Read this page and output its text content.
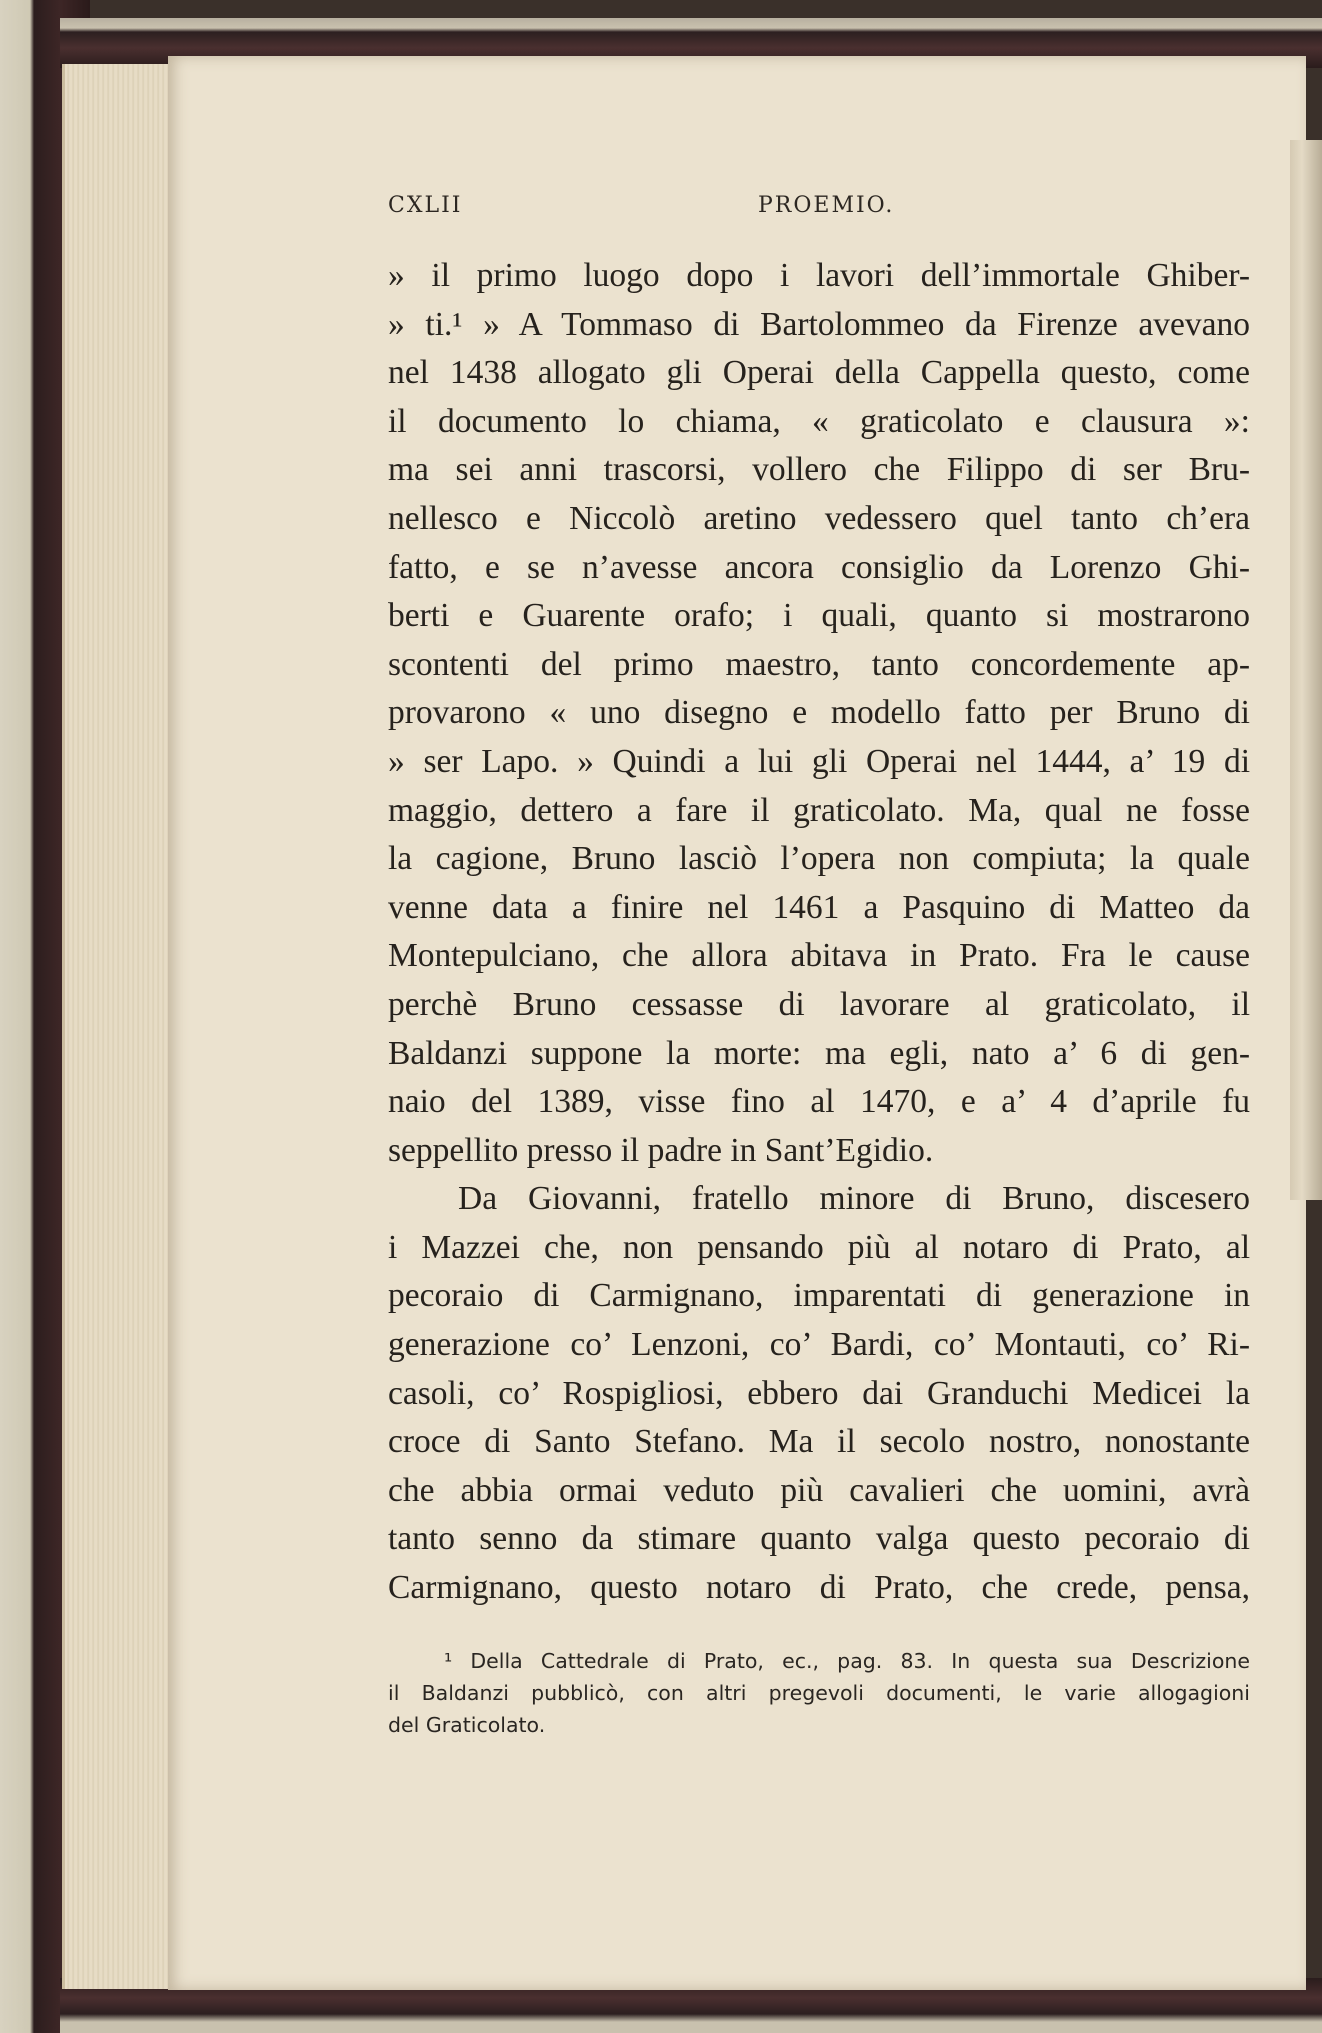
CXLII	PROEMIO.
» il primo luogo dopo i lavori dell’immortale Ghiber-
» ti.¹ » A Tommaso di Bartolommeo da Firenze avevano
nel 1438 allogato gli Operai della Cappella questo, come
il documento lo chiama, « graticolato e clausura »:
ma sei anni trascorsi, vollero che Filippo di ser Bru-
nellesco e Niccolò aretino vedessero quel tanto ch’era
fatto, e se n’avesse ancora consiglio da Lorenzo Ghi-
berti e Guarente orafo; i quali, quanto si mostrarono
scontenti del primo maestro, tanto concordemente ap-
provarono « uno disegno e modello fatto per Bruno di
» ser Lapo. » Quindi a lui gli Operai nel 1444, a’ 19 di
maggio, dettero a fare il graticolato. Ma, qual ne fosse
la cagione, Bruno lasciò l’opera non compiuta; la quale
venne data a finire nel 1461 a Pasquino di Matteo da
Montepulciano, che allora abitava in Prato. Fra le cause
perchè Bruno cessasse di lavorare al graticolato, il
Baldanzi suppone la morte: ma egli, nato a’ 6 di gen-
naio del 1389, visse fino al 1470, e a’ 4 d’aprile fu
seppellito presso il padre in Sant’Egidio.
Da Giovanni, fratello minore di Bruno, discesero
i Mazzei che, non pensando più al notaro di Prato, al
pecoraio di Carmignano, imparentati di generazione in
generazione co’ Lenzoni, co’ Bardi, co’ Montauti, co’ Ri-
casoli, co’ Rospigliosi, ebbero dai Granduchi Medicei la
croce di Santo Stefano. Ma il secolo nostro, nonostante
che abbia ormai veduto più cavalieri che uomini, avrà
tanto senno da stimare quanto valga questo pecoraio di
Carmignano, questo notaro di Prato, che crede, pensa,
¹ Della Cattedrale di Prato, ec., pag. 83. In questa sua Descrizione
il Baldanzi pubblicò, con altri pregevoli documenti, le varie allogagioni
del Graticolato.
